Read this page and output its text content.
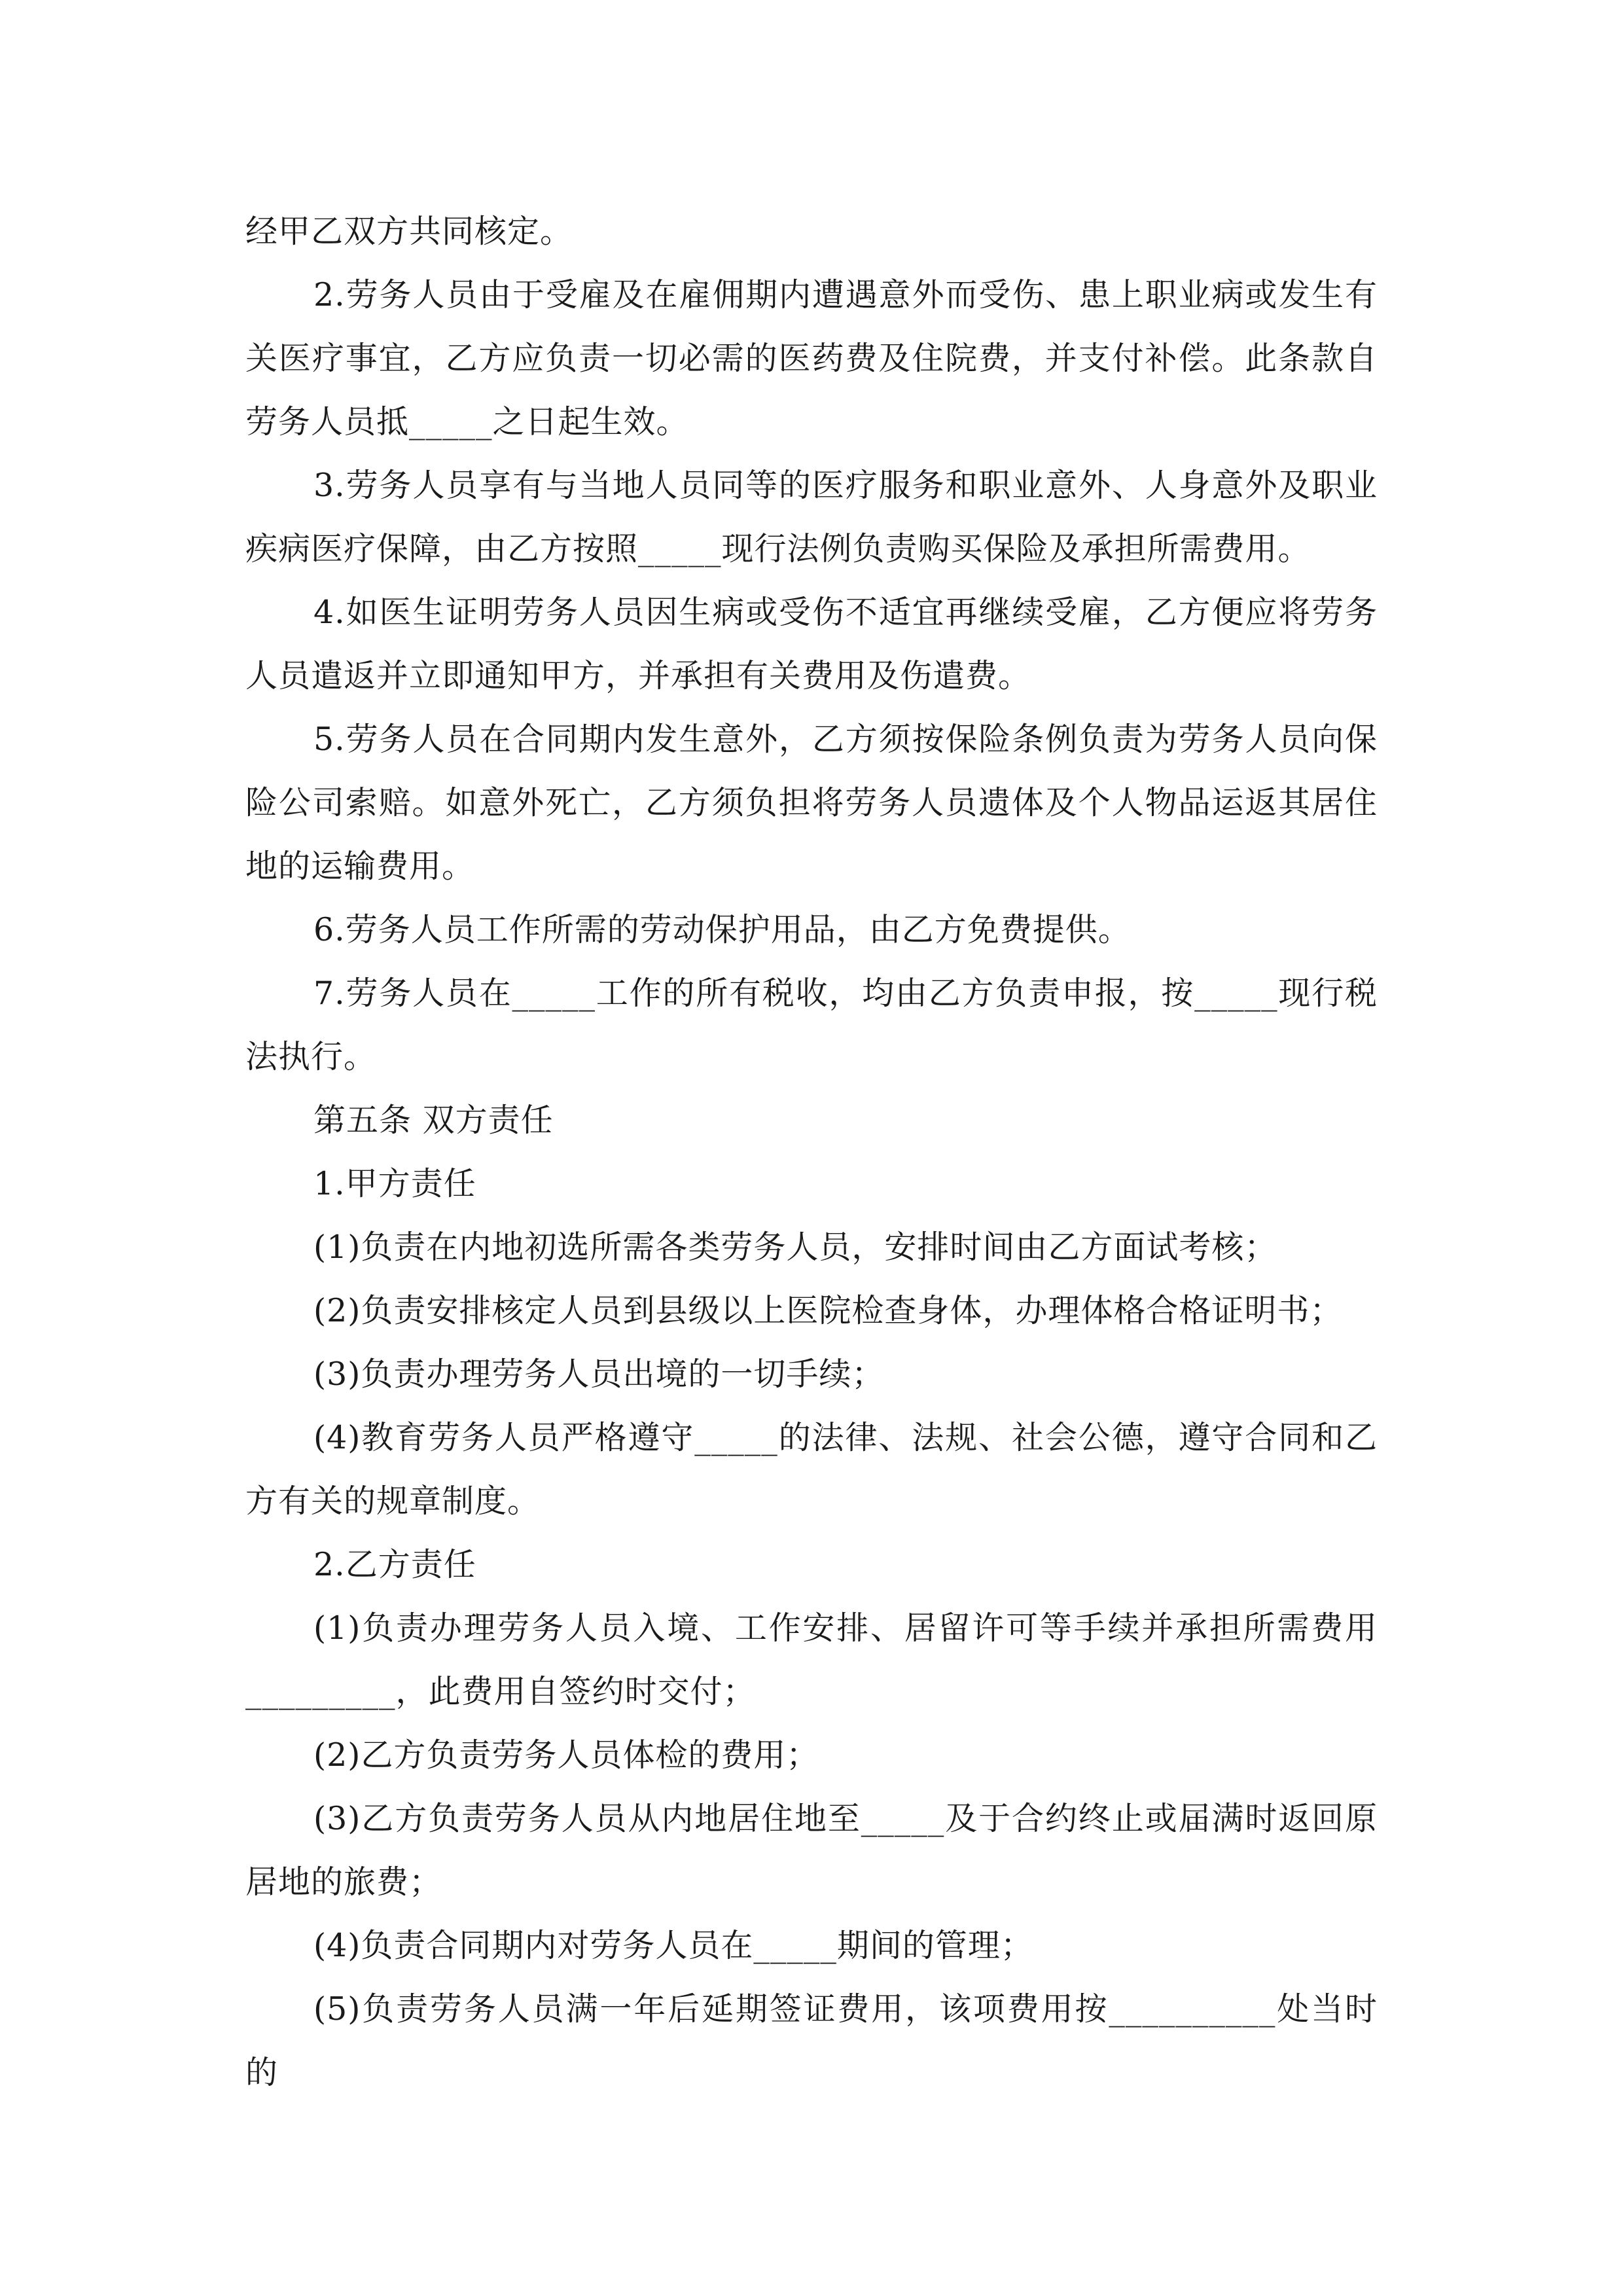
经甲乙双方共同核定。

2.劳务人员由于受雇及在雇佣期内遭遇意外而受伤、患上职业病或发生有关医疗事宜，乙方应负责一切必需的医药费及住院费，并支付补偿。此条款自劳务人员抵_____之日起生效。

3.劳务人员享有与当地人员同等的医疗服务和职业意外、人身意外及职业疾病医疗保障，由乙方按照_____现行法例负责购买保险及承担所需费用。

4.如医生证明劳务人员因生病或受伤不适宜再继续受雇，乙方便应将劳务人员遣返并立即通知甲方，并承担有关费用及伤遣费。

5.劳务人员在合同期内发生意外，乙方须按保险条例负责为劳务人员向保险公司索赔。如意外死亡，乙方须负担将劳务人员遗体及个人物品运返其居住地的运输费用。

6.劳务人员工作所需的劳动保护用品，由乙方免费提供。

7.劳务人员在_____工作的所有税收，均由乙方负责申报，按_____现行税法执行。

第五条 双方责任

1.甲方责任

(1)负责在内地初选所需各类劳务人员，安排时间由乙方面试考核；

(2)负责安排核定人员到县级以上医院检查身体，办理体格合格证明书；

(3)负责办理劳务人员出境的一切手续；

(4)教育劳务人员严格遵守_____的法律、法规、社会公德，遵守合同和乙方有关的规章制度。

2.乙方责任

(1)负责办理劳务人员入境、工作安排、居留许可等手续并承担所需费用_________，此费用自签约时交付；

(2)乙方负责劳务人员体检的费用；

(3)乙方负责劳务人员从内地居住地至_____及于合约终止或届满时返回原居地的旅费；

(4)负责合同期内对劳务人员在_____期间的管理；

(5)负责劳务人员满一年后延期签证费用，该项费用按__________处当时的
